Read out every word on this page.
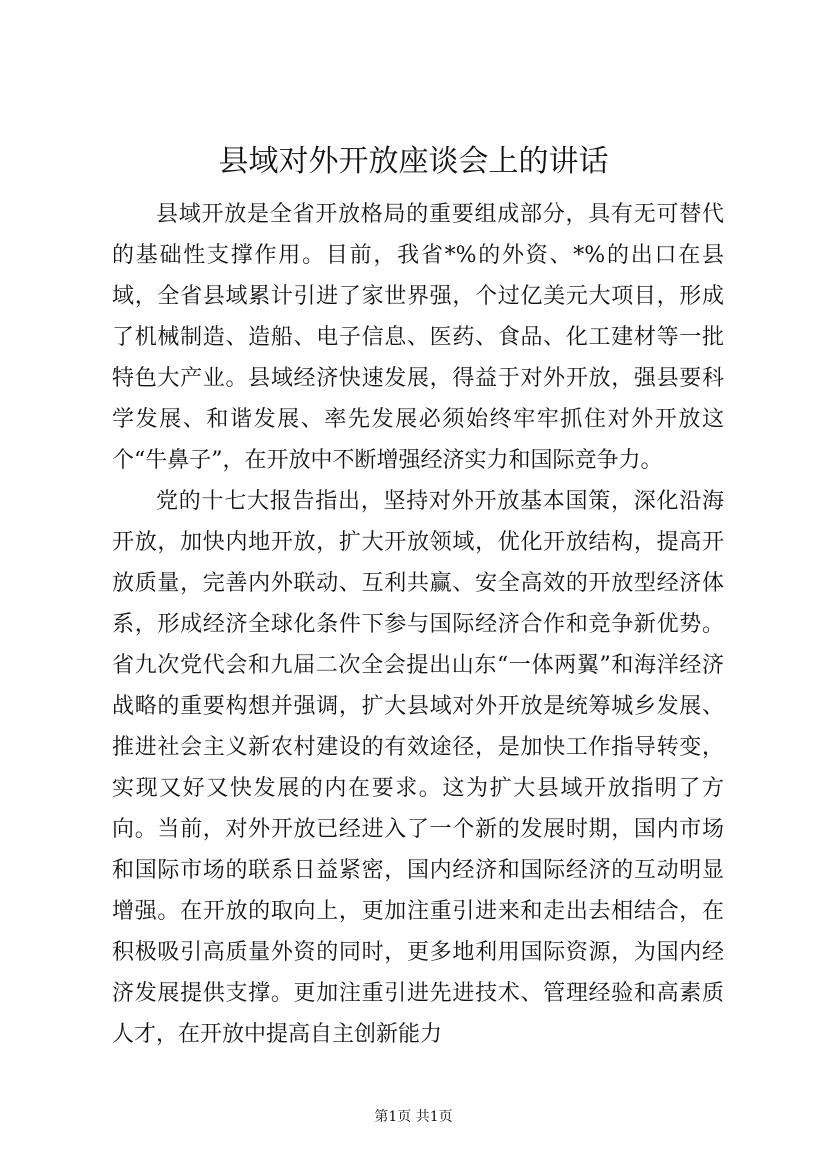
县域对外开放座谈会上的讲话

县域开放是全省开放格局的重要组成部分，具有无可替代的基础性支撑作用。目前，我省*%的外资、*%的出口在县域，全省县域累计引进了家世界强，个过亿美元大项目，形成了机械制造、造船、电子信息、医药、食品、化工建材等一批特色大产业。县域经济快速发展，得益于对外开放，强县要科学发展、和谐发展、率先发展必须始终牢牢抓住对外开放这个“牛鼻子”，在开放中不断增强经济实力和国际竞争力。

党的十七大报告指出，坚持对外开放基本国策，深化沿海开放，加快内地开放，扩大开放领域，优化开放结构，提高开放质量，完善内外联动、互利共赢、安全高效的开放型经济体系，形成经济全球化条件下参与国际经济合作和竞争新优势。省九次党代会和九届二次全会提出山东“一体两翼”和海洋经济战略的重要构想并强调，扩大县域对外开放是统筹城乡发展、推进社会主义新农村建设的有效途径，是加快工作指导转变，实现又好又快发展的内在要求。这为扩大县域开放指明了方向。当前，对外开放已经进入了一个新的发展时期，国内市场和国际市场的联系日益紧密，国内经济和国际经济的互动明显增强。在开放的取向上，更加注重引进来和走出去相结合，在积极吸引高质量外资的同时，更多地利用国际资源，为国内经济发展提供支撑。更加注重引进先进技术、管理经验和高素质人才，在开放中提高自主创新能力

第1页 共1页
